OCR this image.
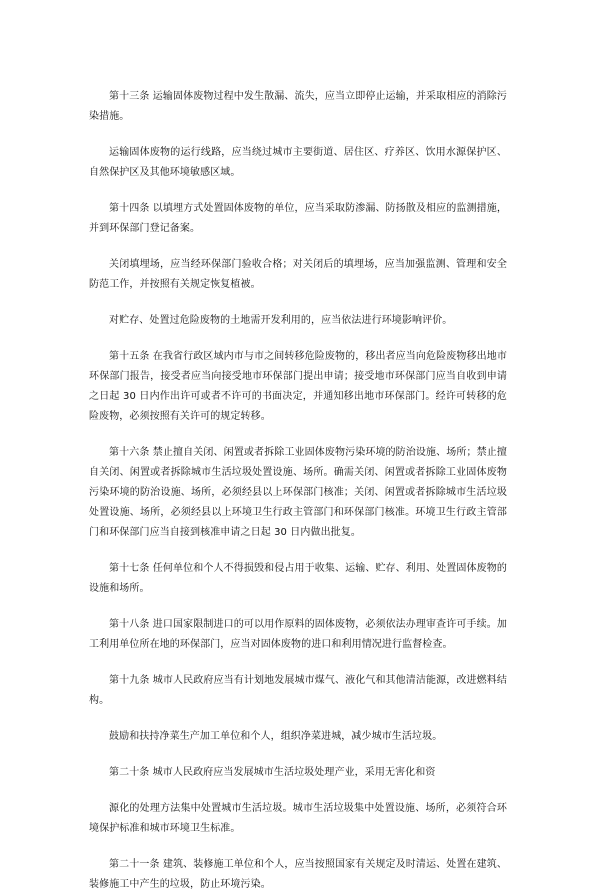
第十三条 运输固体废物过程中发生散漏、流失，应当立即停止运输，并采取相应的消除污染措施。

运输固体废物的运行线路，应当绕过城市主要街道、居住区、疗养区、饮用水源保护区、自然保护区及其他环境敏感区域。

第十四条 以填埋方式处置固体废物的单位，应当采取防渗漏、防扬散及相应的监测措施，并到环保部门登记备案。

关闭填埋场，应当经环保部门验收合格；对关闭后的填埋场，应当加强监测、管理和安全防范工作，并按照有关规定恢复植被。

对贮存、处置过危险废物的土地需开发利用的，应当依法进行环境影响评价。

第十五条 在我省行政区域内市与市之间转移危险废物的，移出者应当向危险废物移出地市环保部门报告，接受者应当向接受地市环保部门提出申请；接受地市环保部门应当自收到申请之日起 30 日内作出许可或者不许可的书面决定，并通知移出地市环保部门。经许可转移的危险废物，必须按照有关许可的规定转移。

第十六条 禁止擅自关闭、闲置或者拆除工业固体废物污染环境的防治设施、场所；禁止擅自关闭、闲置或者拆除城市生活垃圾处置设施、场所。确需关闭、闲置或者拆除工业固体废物污染环境的防治设施、场所，必须经县以上环保部门核准；关闭、闲置或者拆除城市生活垃圾处置设施、场所，必须经县以上环境卫生行政主管部门和环保部门核准。环境卫生行政主管部门和环保部门应当自接到核准申请之日起 30 日内做出批复。

第十七条 任何单位和个人不得损毁和侵占用于收集、运输、贮存、利用、处置固体废物的设施和场所。

第十八条 进口国家限制进口的可以用作原料的固体废物，必须依法办理审查许可手续。加工利用单位所在地的环保部门，应当对固体废物的进口和利用情况进行监督检查。

第十九条 城市人民政府应当有计划地发展城市煤气、液化气和其他清洁能源，改进燃料结构。

鼓励和扶持净菜生产加工单位和个人，组织净菜进城，减少城市生活垃圾。

第二十条 城市人民政府应当发展城市生活垃圾处理产业，采用无害化和资

源化的处理方法集中处置城市生活垃圾。城市生活垃圾集中处置设施、场所，必须符合环境保护标准和城市环境卫生标准。

第二十一条 建筑、装修施工单位和个人，应当按照国家有关规定及时清运、处置在建筑、装修施工中产生的垃圾，防止环境污染。
